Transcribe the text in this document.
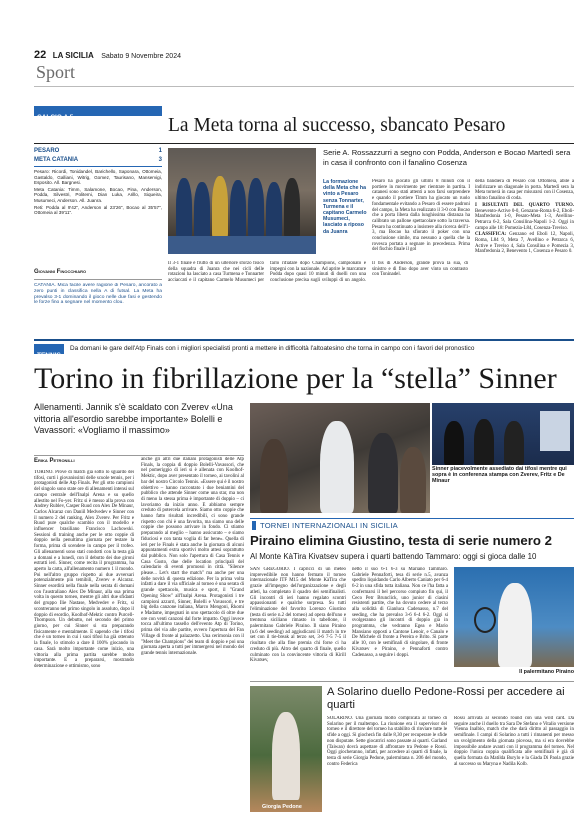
22 LA SICILIA Sabato 9 Novembre 2024
Sport
CALCIO A 5	La Meta torna al successo, sbancato Pesaro
PESARO	1
META CATANIA	3
Pesaro: Ricordi, Tonidandel, Barichello, Saponara, Ottomeia, Gastaldo, Galliani, Witrig, Gomez, Taurisano, Manservigi, Esposito. All. Bargnesi.
Meta Catania: Timm, Salamone, Bocao, Pina, Anderson, Podda, Silvestri, Politemi, Dian Luka, Arillo, Siqueira, Musumeci, Anderson. All. Juanra.
Reti: Podda al 9'42", Anderson al 23'26", Bocao al 35'57", Ottomeia al 39'11".
Giovanni Finocchiaro
CATANIA. Mica facile avere ragione di Pesaro, ancorato a zero punti in classifica nella A di futsal. La Meta ha prevalso 3-1 dominando il gioco nelle due fasi e gestendo le forze fino a segnare nel momento clou.
Serie A. Rossazzurri a segno con Podda, Anderson e Bocao Martedì sera in casa il confronto con il fanalino Cosenza
La formazione della Meta che ha vinto a Pesaro senza Tonnarter, Turmena e il capitano Carmelo Musumeci, lasciato a riposo da Juanra
Pesaro ha giocato gli ultimi 8 minuti con il portiere in movimento per rientrare in partita. I catanesi sono stati attenti a non farsi sorprendere e quando il portiere Timm ha giocato un ruolo fondamentale evitando a Pesaro di essere padroni del campo, la Meta ha realizzato il 3-0 con Bocao che a porta libera dalla lunghissima distanza ha calibrato un pallone spettacolare sotto la traversa. Pesaro ha continuato a insistere alla ricerca dell'1-3, ma Bocao ha sfiorato il poker con una conclusione simile, ma nessuno a quella che la rovesca portata a segnare in precedenza. Prima del fischio finale il gol
della bandiera di Pesaro con Ottomeia, abile a indirizzare un diagonale in porta. Martedì sera la Meta tornerà in casa per misurarsi con il Cosenza, ultimo fanalino di coda.
I RISULTATI DEL QUARTO TURNO. Benevento-Active 0-0, Genzano-Roma 6-2, Eboli-Manfredonia 1-0, Pesaro-Meta 1-3, Avellino-Petrarca 6-2, Sala Consilina-Napoli 1-2. Oggi in campo alle 18: Pomezia-L84, Cosenza-Treviso.
CLASSIFICA: Genzano ed Eboli 12, Napoli, Roma, L84 9, Meta 7, Avellino e Petrarca 6, Active e Treviso 4, Sala Consilina e Pomezia 3, Manfredonia 2, Benevento 1, Cosenza e Pesaro 0.
Il 3-1 finale è frutto di un ulteriore sforzo fisico della squadra di Juanra che nei cicli delle rotazioni ha lasciato a casa Turmena e Tonnarter acciaccati e il capitano Carmelo Musumeci per farlo rifiatare dopo Champions, campionato e impegni con la nazionale. Ad aprire le marcature Podda dopo quasi 10 minuti di duelli con una conclusione precisa sugli sviluppi di un angolo. Il bis di Anderson, grande prova la sua, di sinistro e di fino dopo aver vinto un contrasto con Toninadel.
TENNIS
Da domani le gare dell'Atp Finals con i migliori specialisti pronti a mettere in difficoltà l'altoatesino che torna in campo con i favori del pronostico
Torino in fibrillazione per la “stella” Sinner
Allenamenti. Jannik s'è scaldato con Zverev «Una vittoria all'esordio sarebbe importante» Bolelli e Vavassori: «Vogliamo il massimo»
Erika Petronilli
TORINO. Prove di match già sotto lo sguardo dei tifosi, curti i giovanissimi delle scuole tennis, per i protagonisti delle Atp Finals. Per gli otto campioni del singolo sono state ore di allenamenti intensi sul campo centrale dell'Inalpi Arena e su quello allestito nel Fo-yer. Fritz si è messo alla prova con Andrey Rublev, Casper Ruud con Alex De Minaur, Carlos Alcaraz con Daniil Medvedev e Sinner con il numero 2 del ranking, Alex Zverev. Per Fritz e Ruud pure qualche scambio con il modello e influencer brasiliano Francisco Lachowski. Sessioni di training anche per le otto coppie di doppio nella penultima giornata per testare la forma, prima di scendere in campo per il trofeo. Gli allenamenti sono stati condotti con la testa già a domani e a lunedì, con il debutto dei due gironi estratti ieri. Sinner, come recita il programma, ha aperto la carta, all'allenamento numero 1 il mondo. Poi nell'altro gruppo rispetto ai due avversari potenzialmente più temibili, Zverev e Alcaraz. Sinner esordirà nella finale nella serata di domani con l'australiano Alex De Minaur, alla sua prima volta in questo torneo, mentre gli altri due sfidanti del gruppo Ilie Nastase, Medvedev e Fritz, si scontreranno nel primo singolo in assoluto, dopo il doppio di esordio, Koolhof-Mektic contro Purcell-Thompson. Un debutto, nel secondo del primo giorno, per cui Sinner si sta preparando fisicamente e mentalmente. E sapendo che i tifosi che è un torneo in cui i suoi tifosi ha già ottenuto la finale, lo stimolo a dare il 100% giocando in casa. Sarà molto importante come inizio, una vittoria alla prima partita sarebbe molto importante. E a prepararsi, mostrando determinazione e ottimismo, sono
anche gli altri due italiani protagonisti delle Atp Finals, la coppia di doppio Bolelli-Vavassori, che nel pomeriggio di ieri si è allenata con Koolhof-Mektic, dopo aver presentato il torneo, ai tavolini al bar del nostro Circolo Tennis. «Essere qui è il nostro obiettivo – hanno raccontato i due beniamini del pubblico che attende Sinner come una star, ma non di meno la stessa prima è importante di doppio – ci lavoriamo da inizio anno. E abbiamo sempre creduto di potercela arrivare. Siamo otto coppie che hanno fatto risultati incredibili, ci sono grande rispetto con chi è una favorita, ma siamo una delle coppie che possono arrivare in fondo. Ci stiamo preparando al meglio – hanno assicurato – e siamo fiduciosi e con tanta voglia di far bene». Quella di ieri per le Finals è stata anche la giornata di alcuni appuntamenti extra sportivi molto attesi soprattutto dal pubblico. Non solo l'apertura di Casa Tennis e Casa Gusto, due delle location principali del calendario di eventi promossi in città. "Silence please... Let's start the match" ma anche per una delle novità di questa edizione. Per la prima volta infatti a dare il via ufficiale al torneo è una serata di grande spettacolo, musica e sport, il "Grand Opening Show" all'Inalpi Arena. Protagonisti i tre campioni azzurri, Sinner, Bolelli e Vavassori, e tre big della canzone italiana, Marco Mengoni, Rkomi e Madame, impegnati in uno spettacolo di oltre due ore con venti canzoni dal forte impatto. Oggi invece tocca all'ultimo tassello dell'evento Atp di Torino, prima del via alle partite, ovvero l'apertura del Fan Village di fronte al palazzetto. Una cerimonia con il "Meet the Champions" dei team di doppio e poi una giornata aperta a tutti per immergersi nel mondo del grande tennis internazionale.
Sinner piacevolmente assediato dai tifosi mentre qui sopra è in conferenza stampa con Zverev, Fritz e De Minaur
TORNEI INTERNAZIONALI IN SICILIA
Piraino elimina Giustino, testa di serie numero 2
Al Monte KàTira Kivatsev supera i quarti battendo Tammaro: oggi si gioca dalle 10
SAN GREGORIO. I capricci di un meteo imprevedibile non hanno fermato il torneo internazionale ITF M15 del Monte KàTira che grazie all'impegno dell'organizzazione e degli atleti, ha completato il quadro dei semifinalisti. Gli incontri di ieri hanno regalato scontri appassionanti e qualche sorpresa. Su tutti l'eliminazione del favorito Lorenzo Giustino (testa di serie n.2 del torneo) ad opera dell'uno e trentuna siciliano rimasto in tabellone, il palermitano Gabriele Piraino. Il siano Piraino (n.6 del seeding) ad aggiudicarsi il match in tre set con il tie-break al terzo set, 3-6 7-5 7-5 il risultato che alla fine premia chi forse ci ha creduto di più. Altro del quarto di finale, quello culminato con la convincente vittoria di Kirill Kivatsev,
netto il suo 6-1 6-3 su Mariano Tammaro. Gabriele Pennaforti, tesa di serie n.5, avanza spedito liquidando Carlo Alberto Caniato per 6-4 6-2 in una sfida tutta italiana. Non ce l'ha fatta a confermarsi il bel percorso compiuto fin qui, il Ceco Petr Brunclick, uno junior di ciasini resistenti partite, che ha dovuto cedere al terzo alla solidità di Gianluca Cadenasso, n.7 del seeding, che ha prevalso 3-6 6-4 6-2. Oggi si svolgeranno gli incontri di doppio già in programma, che vedranno Egea e Mario Mansiano opposti a Cantone Lenoir, e Canalo e De Michele di fronte a Pereira e Brito. Si parte alle 10, con le semifinali di singolare, di fronte Kivatsev e Piraino, e Pennaforti contro Cadenasso, a seguire i doppi.
Il palermitano Piraino
Giorgia Pedone
A Solarino duello Pedone-Rossi per accedere ai quarti
SOLARINO. Una giornata molto complicata al torneo di Solarino per il maltempo. La riunione era il supervisor del torneo e il direttore del torneo ha stabilito di rinviare tutte le sfide a oggi. Si giocherà fin dalle 8,30 per recuperare le sfide non disputate. Sette giocatrici sono passate ai quarti. Garland (Taiwan) dovrà aspettare di affrontare tra Pedone e Rossi. Oggi giocheranno, infatti, per accedere ai quarti di finale, la testa di serie Giorgia Pedone, palermitana n. 206 del mondo, contro Federica
Rossi arrivata al secondo round con una wild card. Da seguire anche il duello tra Sara De Stefano e Vitalio versione Vienna Inalbio, match che che darà diritto al passaggio in semifinale. I campi di Solarino a tutti i rimanenti per messo un svolgimento della giornata piovosa, ma si era dovrebbe impossibile andare avanti con il programma del torneo. Nel doppio l'unica coppia qualificata alle semifinali è già di quella formata da Matilda Burylo e la Giada Di Paola grazie al successo su Maryna e Nadila Kolb.
